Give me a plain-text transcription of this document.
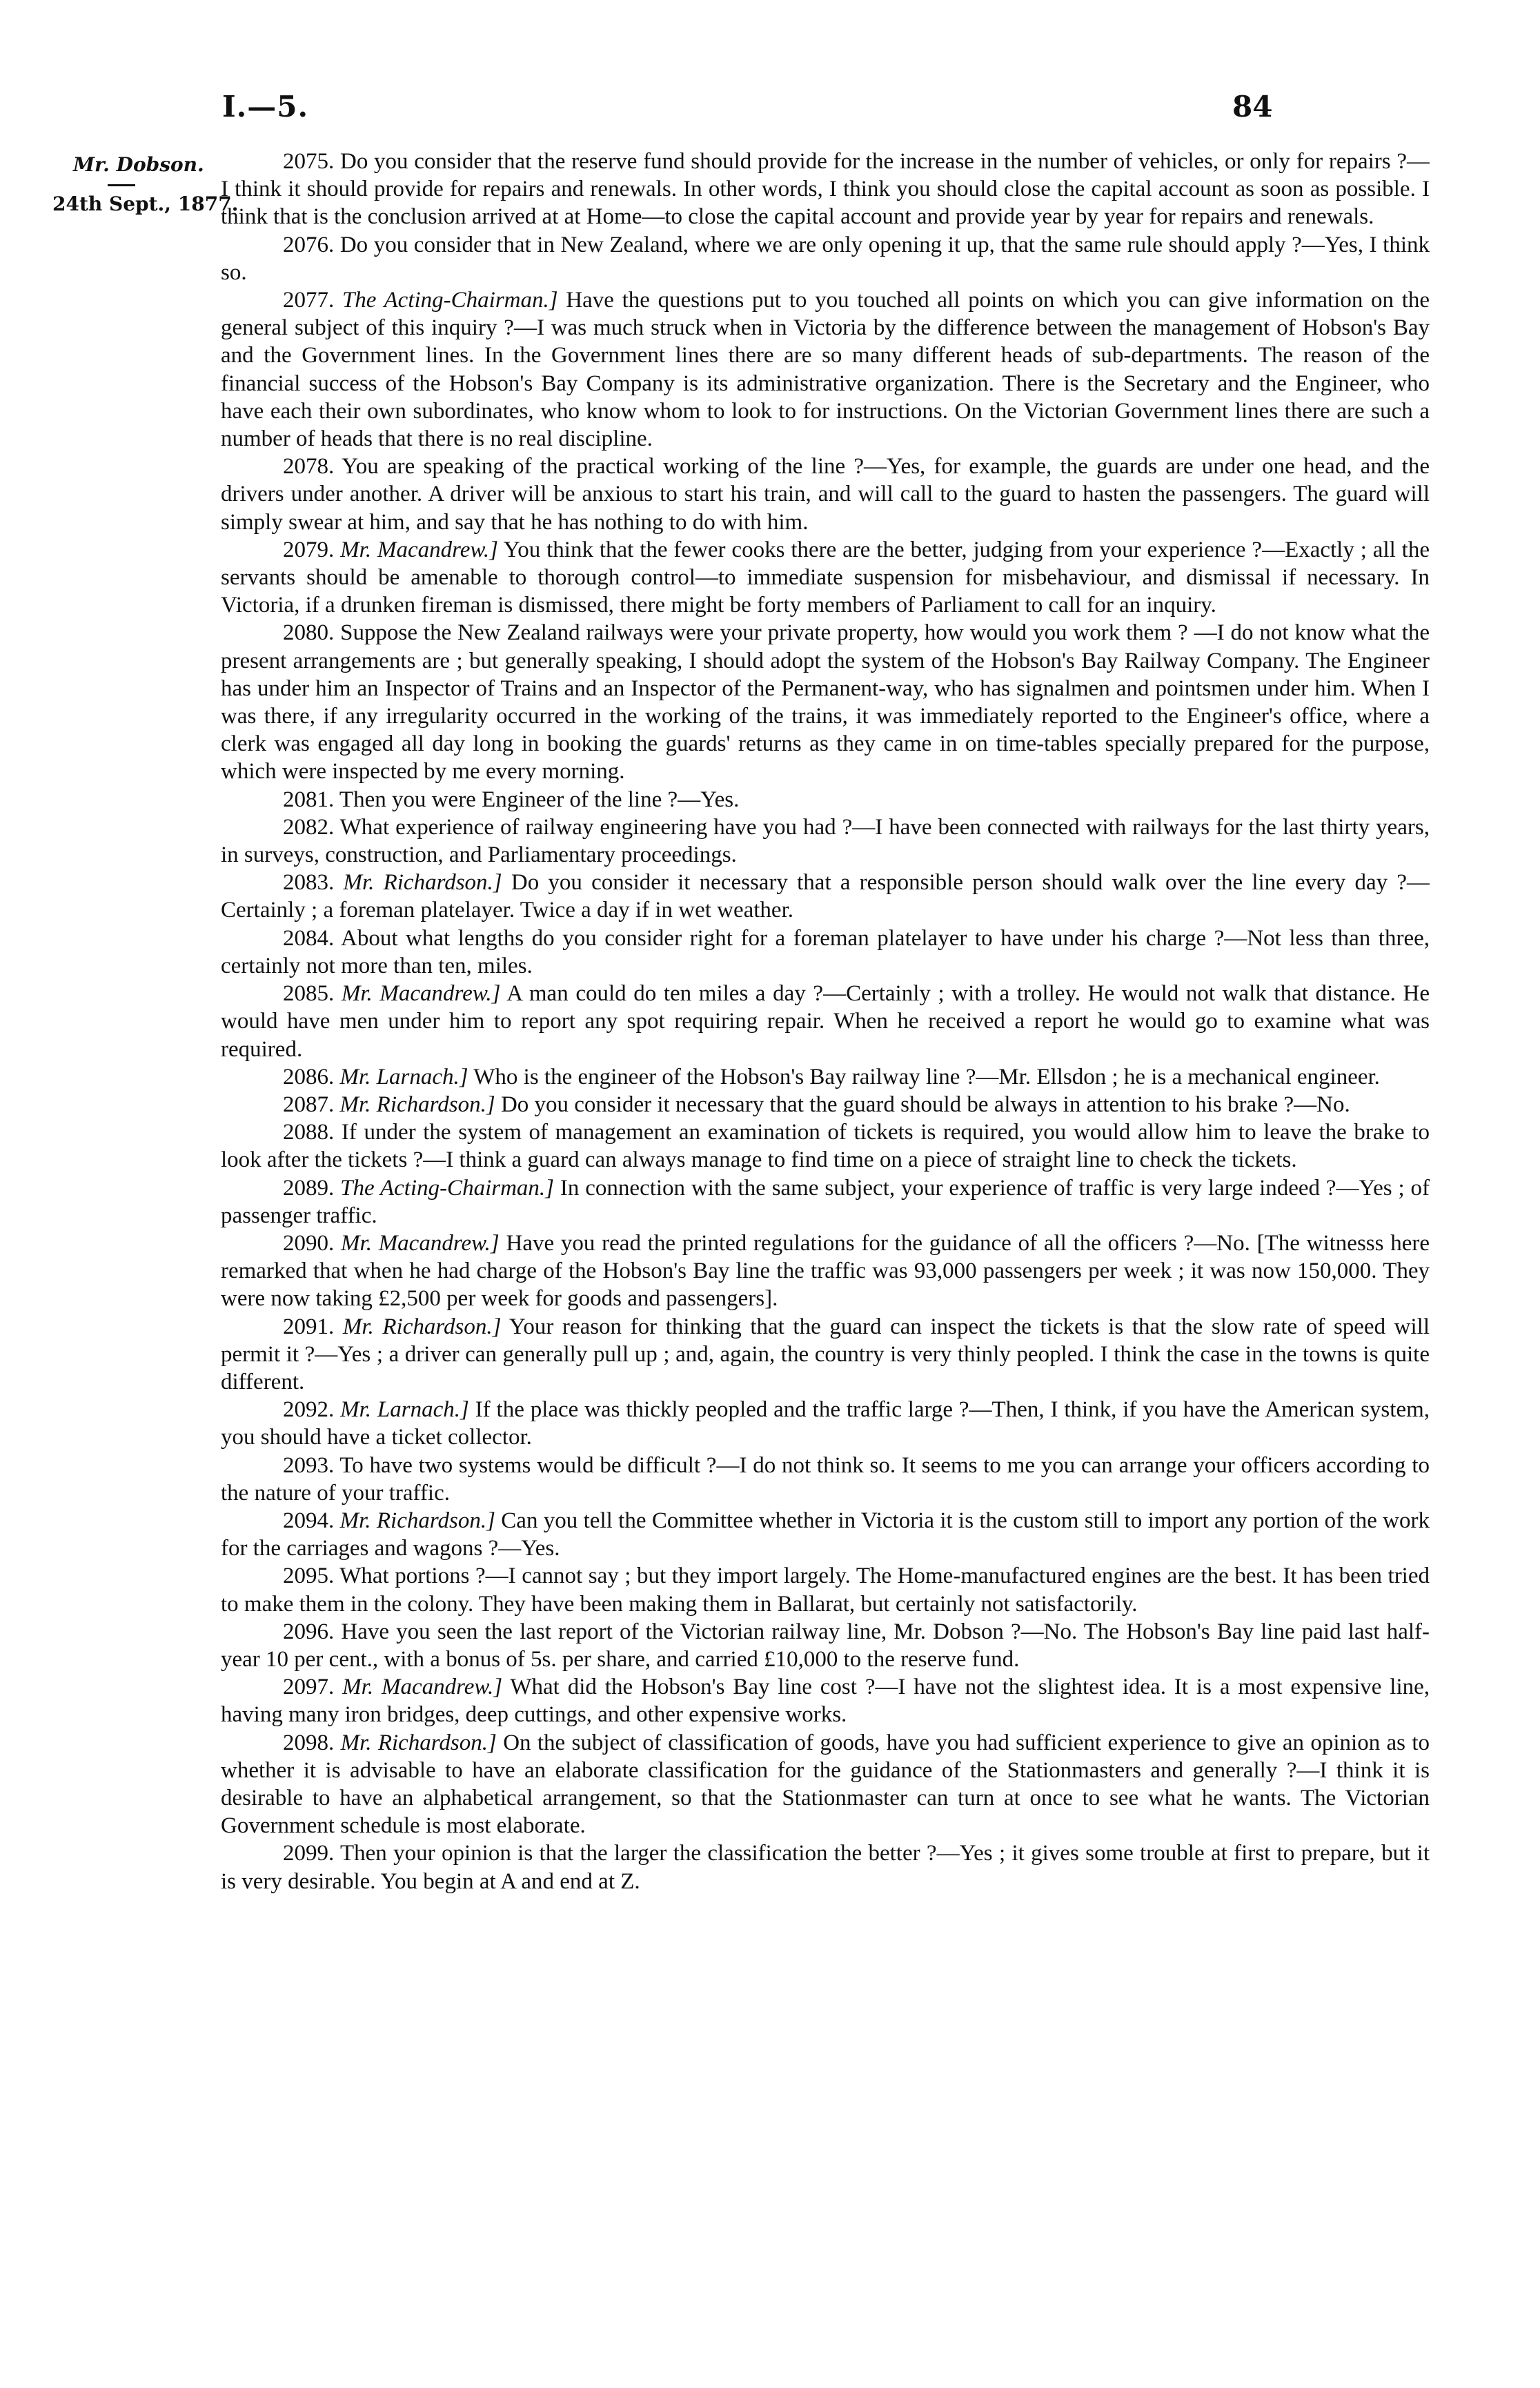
I.—5.	84
Mr. Dobson.
24th Sept., 1877.

2075. Do you consider that the reserve fund should provide for the increase in the number of vehicles, or only for repairs ?—I think it should provide for repairs and renewals. In other words, I think you should close the capital account as soon as possible. I think that is the conclusion arrived at at Home—to close the capital account and provide year by year for repairs and renewals.

2076. Do you consider that in New Zealand, where we are only opening it up, that the same rule should apply ?—Yes, I think so.

2077. The Acting-Chairman.] Have the questions put to you touched all points on which you can give information on the general subject of this inquiry ?—I was much struck when in Victoria by the difference between the management of Hobson's Bay and the Government lines. In the Government lines there are so many different heads of sub-departments. The reason of the financial success of the Hobson's Bay Company is its administrative organization. There is the Secretary and the Engineer, who have each their own subordinates, who know whom to look to for instructions. On the Victorian Government lines there are such a number of heads that there is no real discipline.

2078. You are speaking of the practical working of the line ?—Yes, for example, the guards are under one head, and the drivers under another. A driver will be anxious to start his train, and will call to the guard to hasten the passengers. The guard will simply swear at him, and say that he has nothing to do with him.

2079. Mr. Macandrew.] You think that the fewer cooks there are the better, judging from your experience ?—Exactly ; all the servants should be amenable to thorough control—to immediate suspension for misbehaviour, and dismissal if necessary. In Victoria, if a drunken fireman is dismissed, there might be forty members of Parliament to call for an inquiry.

2080. Suppose the New Zealand railways were your private property, how would you work them ? —I do not know what the present arrangements are ; but generally speaking, I should adopt the system of the Hobson's Bay Railway Company. The Engineer has under him an Inspector of Trains and an Inspector of the Permanent-way, who has signalmen and pointsmen under him. When I was there, if any irregularity occurred in the working of the trains, it was immediately reported to the Engineer's office, where a clerk was engaged all day long in booking the guards' returns as they came in on time-tables specially prepared for the purpose, which were inspected by me every morning.

2081. Then you were Engineer of the line ?—Yes.

2082. What experience of railway engineering have you had ?—I have been connected with railways for the last thirty years, in surveys, construction, and Parliamentary proceedings.

2083. Mr. Richardson.] Do you consider it necessary that a responsible person should walk over the line every day ?—Certainly ; a foreman platelayer. Twice a day if in wet weather.

2084. About what lengths do you consider right for a foreman platelayer to have under his charge ?—Not less than three, certainly not more than ten, miles.

2085. Mr. Macandrew.] A man could do ten miles a day ?—Certainly ; with a trolley. He would not walk that distance. He would have men under him to report any spot requiring repair. When he received a report he would go to examine what was required.

2086. Mr. Larnach.] Who is the engineer of the Hobson's Bay railway line ?—Mr. Ellsdon ; he is a mechanical engineer.

2087. Mr. Richardson.] Do you consider it necessary that the guard should be always in attention to his brake ?—No.

2088. If under the system of management an examination of tickets is required, you would allow him to leave the brake to look after the tickets ?—I think a guard can always manage to find time on a piece of straight line to check the tickets.

2089. The Acting-Chairman.] In connection with the same subject, your experience of traffic is very large indeed ?—Yes ; of passenger traffic.

2090. Mr. Macandrew.] Have you read the printed regulations for the guidance of all the officers ?—No. [The witnesss here remarked that when he had charge of the Hobson's Bay line the traffic was 93,000 passengers per week ; it was now 150,000. They were now taking £2,500 per week for goods and passengers].

2091. Mr. Richardson.] Your reason for thinking that the guard can inspect the tickets is that the slow rate of speed will permit it ?—Yes ; a driver can generally pull up ; and, again, the country is very thinly peopled. I think the case in the towns is quite different.

2092. Mr. Larnach.] If the place was thickly peopled and the traffic large ?—Then, I think, if you have the American system, you should have a ticket collector.

2093. To have two systems would be difficult ?—I do not think so. It seems to me you can arrange your officers according to the nature of your traffic.

2094. Mr. Richardson.] Can you tell the Committee whether in Victoria it is the custom still to import any portion of the work for the carriages and wagons ?—Yes.

2095. What portions ?—I cannot say ; but they import largely. The Home-manufactured engines are the best. It has been tried to make them in the colony. They have been making them in Ballarat, but certainly not satisfactorily.

2096. Have you seen the last report of the Victorian railway line, Mr. Dobson ?—No. The Hobson's Bay line paid last half-year 10 per cent., with a bonus of 5s. per share, and carried £10,000 to the reserve fund.

2097. Mr. Macandrew.] What did the Hobson's Bay line cost ?—I have not the slightest idea. It is a most expensive line, having many iron bridges, deep cuttings, and other expensive works.

2098. Mr. Richardson.] On the subject of classification of goods, have you had sufficient experience to give an opinion as to whether it is advisable to have an elaborate classification for the guidance of the Stationmasters and generally ?—I think it is desirable to have an alphabetical arrangement, so that the Stationmaster can turn at once to see what he wants. The Victorian Government schedule is most elaborate.

2099. Then your opinion is that the larger the classification the better ?—Yes ; it gives some trouble at first to prepare, but it is very desirable. You begin at A and end at Z.
